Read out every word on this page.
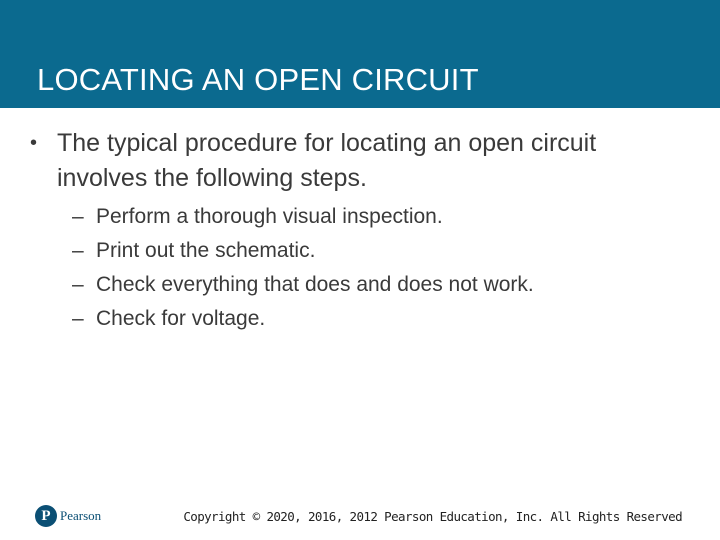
LOCATING AN OPEN CIRCUIT
• The typical procedure for locating an open circuit involves the following steps.
– Perform a thorough visual inspection.
– Print out the schematic.
– Check everything that does and does not work.
– Check for voltage.
P Pearson	Copyright © 2020, 2016, 2012 Pearson Education, Inc. All Rights Reserved
